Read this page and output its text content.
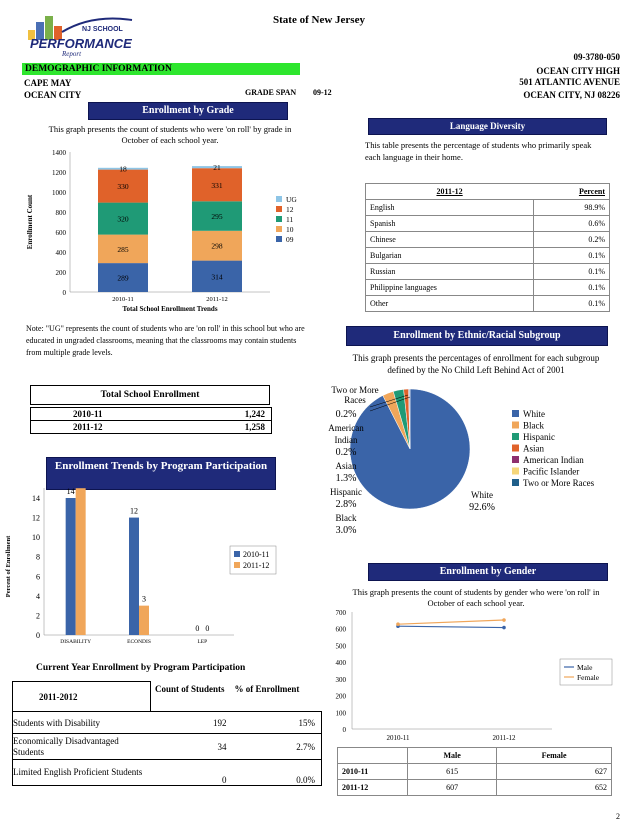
NJ SCHOOL
PERFORMANCE
Report
State of New Jersey
09-3780-050
OCEAN CITY HIGH
501 ATLANTIC AVENUE
OCEAN CITY, NJ 08226
DEMOGRAPHIC INFORMATION
CAPE MAY
OCEAN CITY	GRADE SPAN 09-12
Enrollment by Grade
This graph presents the count of students who were 'on roll' by grade in October of each school year.
0
200
400
600
800
1000
1200
1400
289
285
320
330
18
2010-11
314
298
295
331
21
2011-12
Total School Enrollment Trends
Enrollment Count	UG
12
11
10
09
Note: "UG" represents the count of students who are 'on roll' in this school but who are educated in ungraded classrooms, meaning that the classrooms may contain students from multiple grade levels.
Language Diversity
This table presents the percentage of students who primarily speak each language in their home.
2011-12	Percent
English	98.9%
Spanish	0.6%
Chinese	0.2%
Bulgarian	0.1%
Russian	0.1%
Philippine languages	0.1%
Other	0.1%
Enrollment by Ethnic/Racial Subgroup
This graph presents the percentages of enrollment for each subgroup defined by the No Child Left Behind Act of 2001
Two or More
Races
0.2%
American
Indian
0.2%
Asian
1.3%
Hispanic
2.8%
Black
3.0%
White
92.6%
White
Black
Hispanic
Asian
American Indian
Pacific Islander
Two or More Races
Total School Enrollment
2010-11	1,242
2011-12	1,258
Enrollment Trends by Program Participation
0
2
4
6
8
10
12
14
14
DISABILITY
12
3
ECONDIS
0 0
LEP
Percent of Enrollment	2010-11
2011-12
Current Year Enrollment by Program Participation
2011-2012	Count of Students	% of Enrollment
Students with Disability	192	15%
Economically Disadvantaged Students	34	2.7%
Limited English Proficient Students	0	0.0%
Enrollment by Gender
This graph presents the count of students by gender who were 'on roll' in October of each school year.
0
100
200
300
400
500
600
700
2010-11	2011-12
Male
Female
	Male	Female
2010-11	615	627
2011-12	607	652
2
